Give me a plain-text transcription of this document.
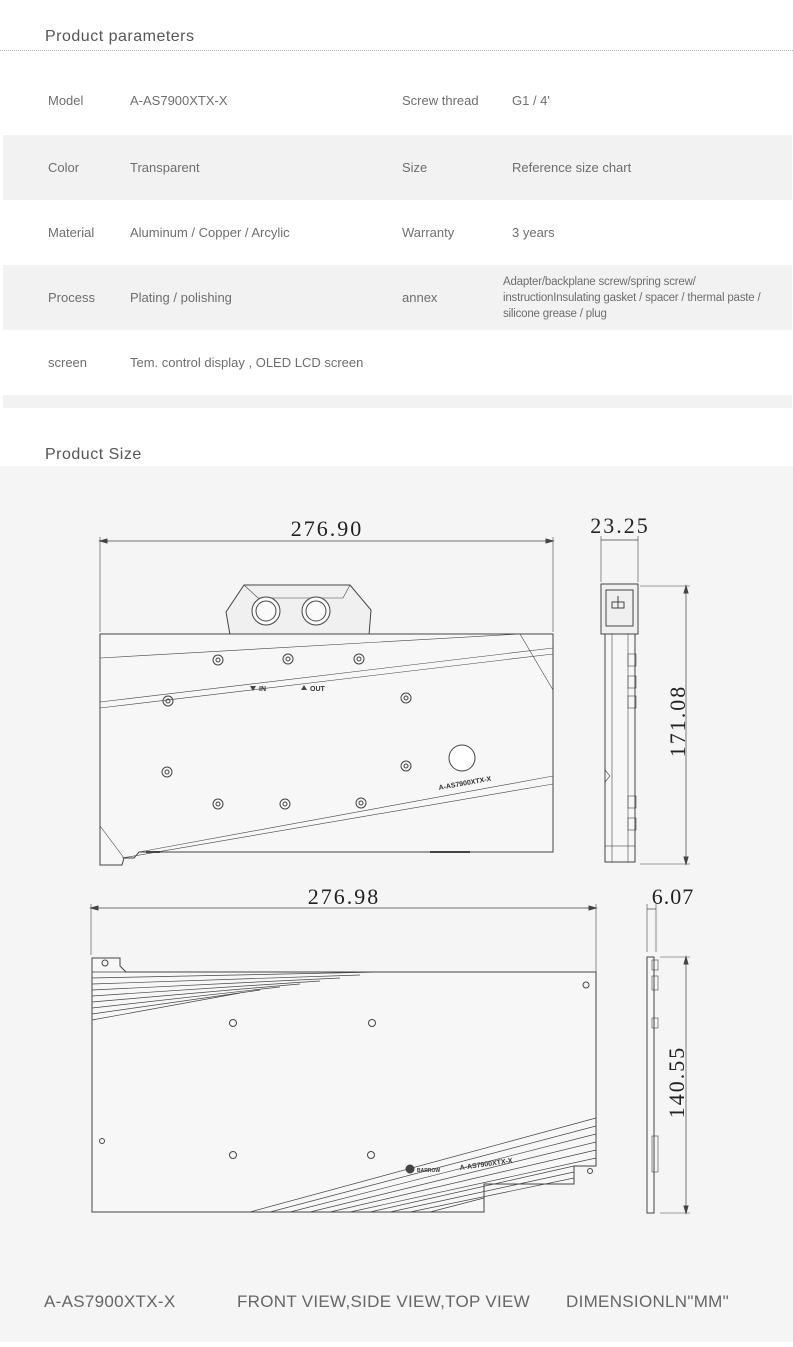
Product parameters
Model	A-AS7900XTX-X	Screw thread	G1 / 4'
Color	Transparent	Size	Reference size chart
Material	Aluminum / Copper / Arcylic	Warranty	3 years
Process	Plating / polishing	annex
Adapter/backplane screw/spring screw/ instructionInsulating gasket / spacer / thermal paste / silicone grease / plug
screen	Tem. control display , OLED LCD screen
Product Size
276.90
IN	OUT
A-AS7900XTX-X
23.25
171.08
276.98
BARROW	A-AS7900XTX-X
6.07
140.55
A-AS7900XTX-X	FRONT VIEW,SIDE VIEW,TOP VIEW DIMENSIONLN"MM"
